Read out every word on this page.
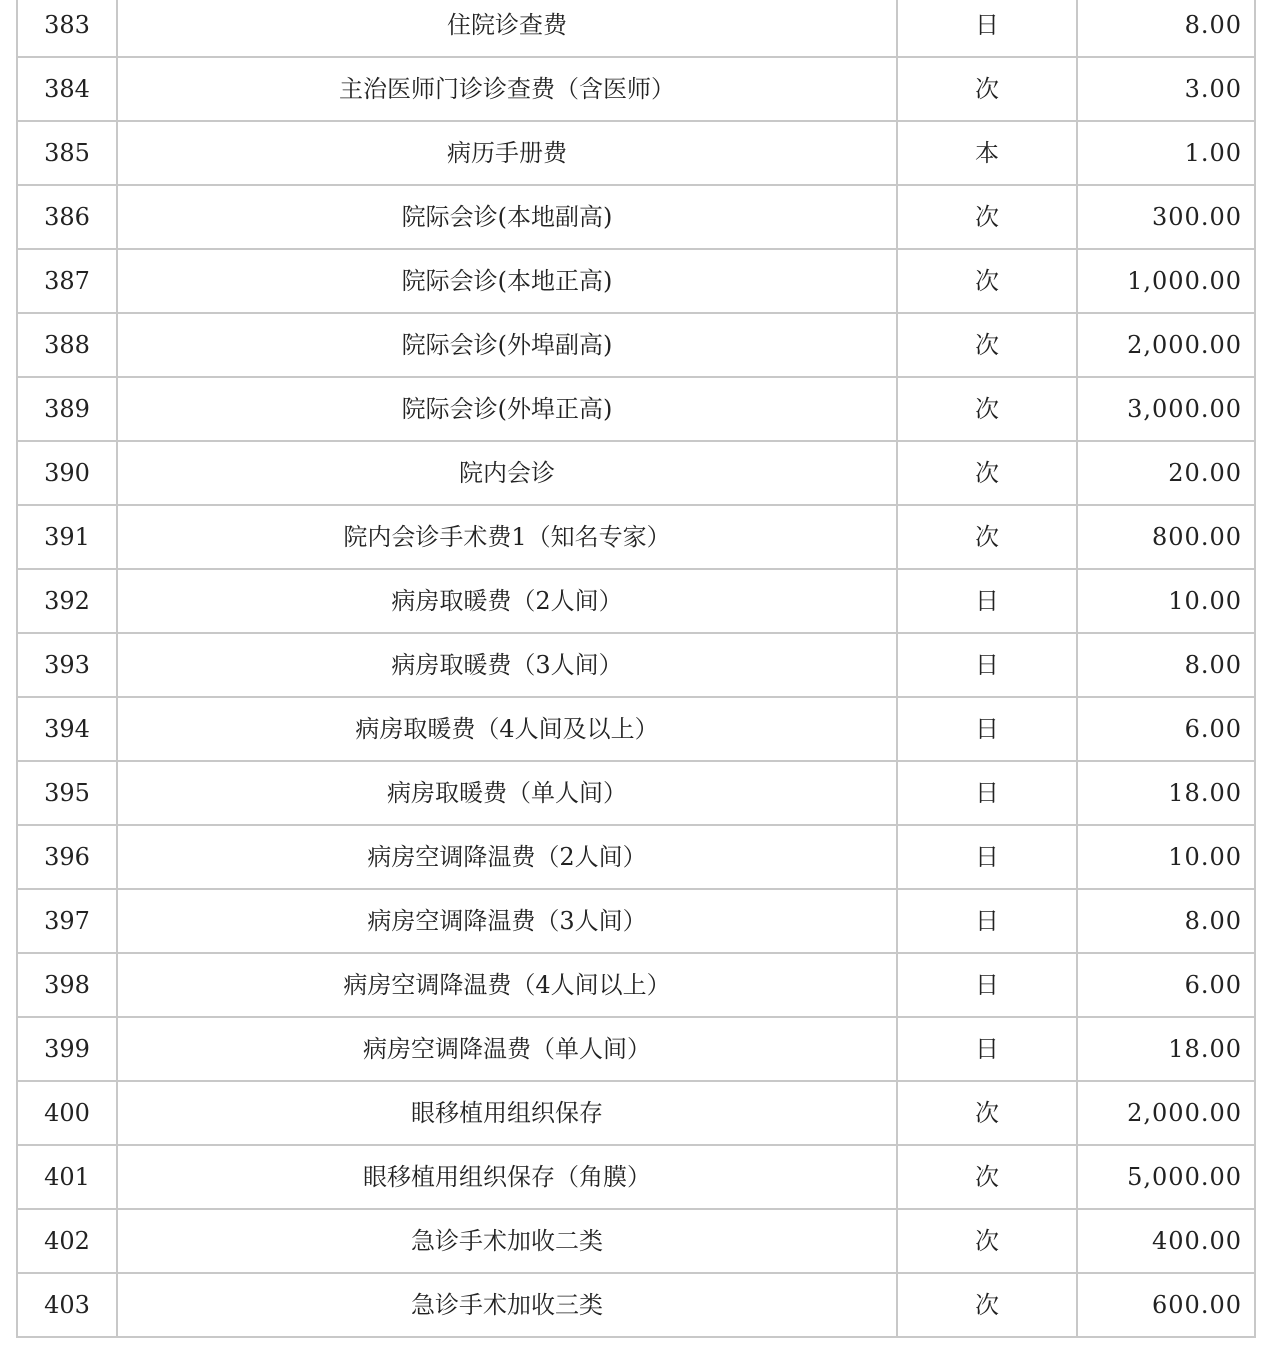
383	住院诊查费	日	8.00
384	主治医师门诊诊查费（含医师）	次	3.00
385	病历手册费	本	1.00
386	院际会诊(本地副高)	次	300.00
387	院际会诊(本地正高)	次	1,000.00
388	院际会诊(外埠副高)	次	2,000.00
389	院际会诊(外埠正高)	次	3,000.00
390	院内会诊	次	20.00
391	院内会诊手术费1（知名专家）	次	800.00
392	病房取暖费（2人间）	日	10.00
393	病房取暖费（3人间）	日	8.00
394	病房取暖费（4人间及以上）	日	6.00
395	病房取暖费（单人间）	日	18.00
396	病房空调降温费（2人间）	日	10.00
397	病房空调降温费（3人间）	日	8.00
398	病房空调降温费（4人间以上）	日	6.00
399	病房空调降温费（单人间）	日	18.00
400	眼移植用组织保存	次	2,000.00
401	眼移植用组织保存（角膜）	次	5,000.00
402	急诊手术加收二类	次	400.00
403	急诊手术加收三类	次	600.00
